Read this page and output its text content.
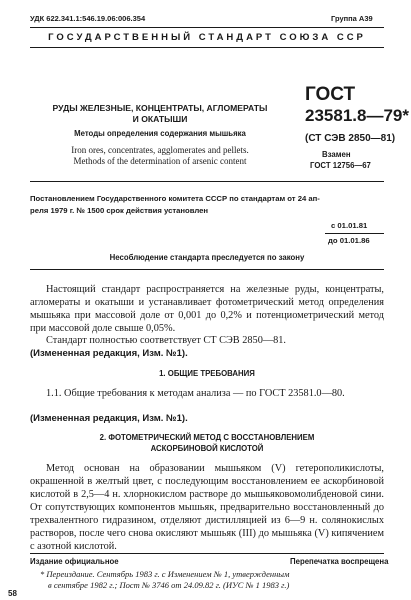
УДК 622.341.1:546.19.06:006.354	Группа А39
ГОСУДАРСТВЕННЫЙ СТАНДАРТ СОЮЗА ССР
РУДЫ ЖЕЛЕЗНЫЕ, КОНЦЕНТРАТЫ, АГЛОМЕРАТЫ
И ОКАТЫШИ
Методы определения содержания мышьяка
Iron ores, concentrates, agglomerates and pellets.
Methods of the determination of arsenic content
ГОСТ
23581.8—79*
(СТ СЭВ 2850—81)
Взамен
ГОСТ 12756—67
Постановлением Государственного комитета СССР по стандартам от 24 ап-
реля 1979 г. № 1500 срок действия установлен
с 01.01.81
до 01.01.86
Несоблюдение стандарта преследуется по закону
Настоящий стандарт распространяется на железные руды, концентраты, агломераты и окатыши и устанавливает фотометрический метод определения мышьяка при массовой доле от 0,001 до 0,2% и потенциометрический метод при массовой доле свыше 0,05%.
Стандарт полностью соответствует СТ СЭВ 2850—81.
(Измененная редакция, Изм. №1).
1. ОБЩИЕ ТРЕБОВАНИЯ
1.1. Общие требования к методам анализа — по ГОСТ 23581.0—80.
(Измененная редакция, Изм. №1).
2. ФОТОМЕТРИЧЕСКИЙ МЕТОД С ВОССТАНОВЛЕНИЕМ
АСКОРБИНОВОЙ КИСЛОТОЙ
Метод основан на образовании мышьяком (V) гетерополикислоты, окрашенной в желтый цвет, с последующим восстановлением ее аскорбиновой кислотой в 2,5—4 н. хлорнокислом растворе до мышьяковомолибденовой сини. От сопутствующих компонентов мышьяк, предварительно восстановленный до трехвалентного гидразином, отделяют дистилляцией из 6—9 н. солянокислых растворов, после чего снова окисляют мышьяк (III) до мышьяка (V) кипячением с азотной кислотой.
Издание официальное	Перепечатка воспрещена
* Переиздание. Сентябрь 1983 г. с Изменением № 1, утвержденным
в сентябре 1982 г.; Пост № 3746 от 24.09.82 г. (ИУС № 1 1983 г.)
58
